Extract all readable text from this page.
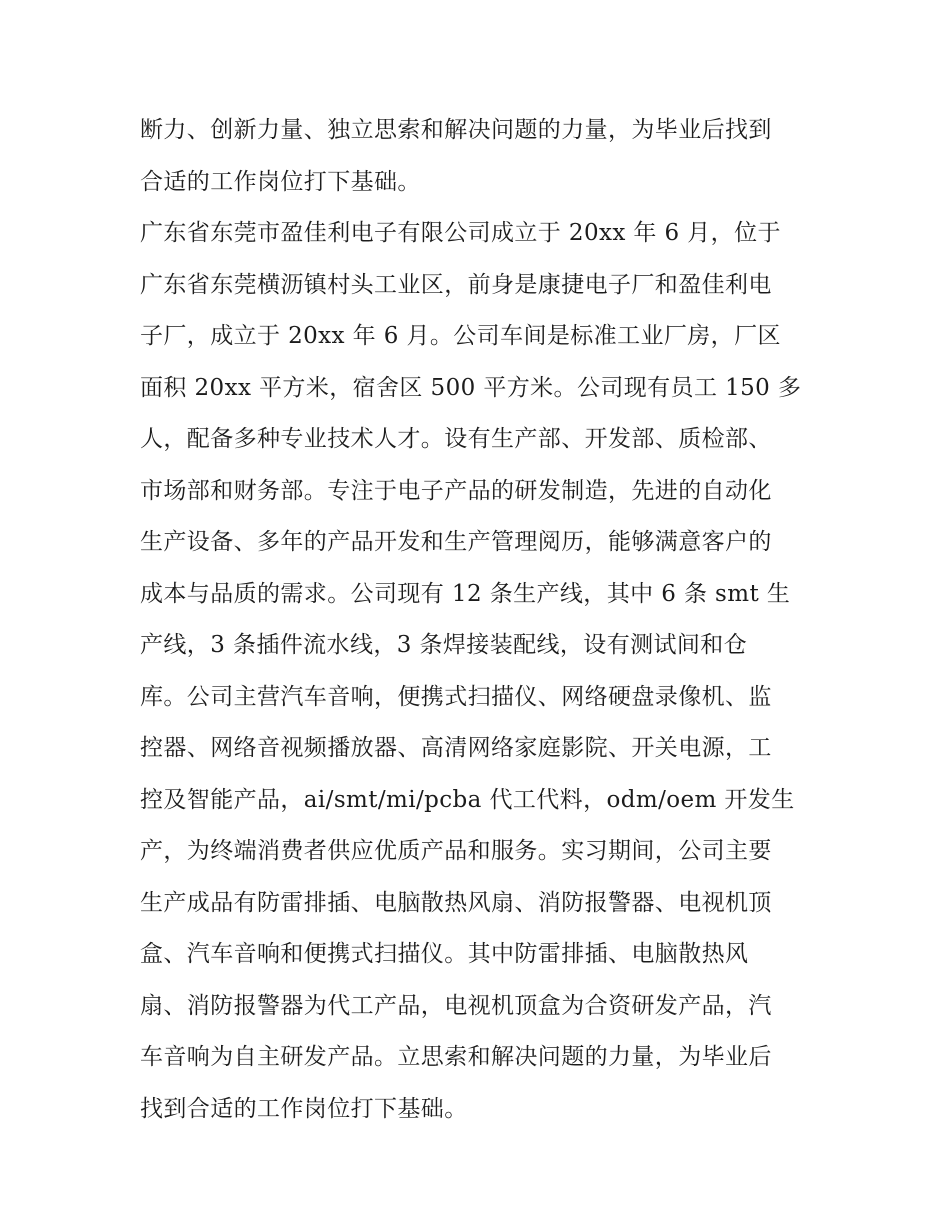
断力、创新力量、独立思索和解决问题的力量，为毕业后找到
合适的工作岗位打下基础。
广东省东莞市盈佳利电子有限公司成立于 20xx 年 6 月，位于
广东省东莞横沥镇村头工业区，前身是康捷电子厂和盈佳利电
子厂，成立于 20xx 年 6 月。公司车间是标准工业厂房，厂区
面积 20xx 平方米，宿舍区 500 平方米。公司现有员工 150 多
人，配备多种专业技术人才。设有生产部、开发部、质检部、
市场部和财务部。专注于电子产品的研发制造，先进的自动化
生产设备、多年的产品开发和生产管理阅历，能够满意客户的
成本与品质的需求。公司现有 12 条生产线，其中 6 条 smt 生
产线，3 条插件流水线，3 条焊接装配线，设有测试间和仓
库。公司主营汽车音响，便携式扫描仪、网络硬盘录像机、监
控器、网络音视频播放器、高清网络家庭影院、开关电源，工
控及智能产品，ai/smt/mi/pcba 代工代料，odm/oem 开发生
产，为终端消费者供应优质产品和服务。实习期间，公司主要
生产成品有防雷排插、电脑散热风扇、消防报警器、电视机顶
盒、汽车音响和便携式扫描仪。其中防雷排插、电脑散热风
扇、消防报警器为代工产品，电视机顶盒为合资研发产品，汽
车音响为自主研发产品。立思索和解决问题的力量，为毕业后
找到合适的工作岗位打下基础。
